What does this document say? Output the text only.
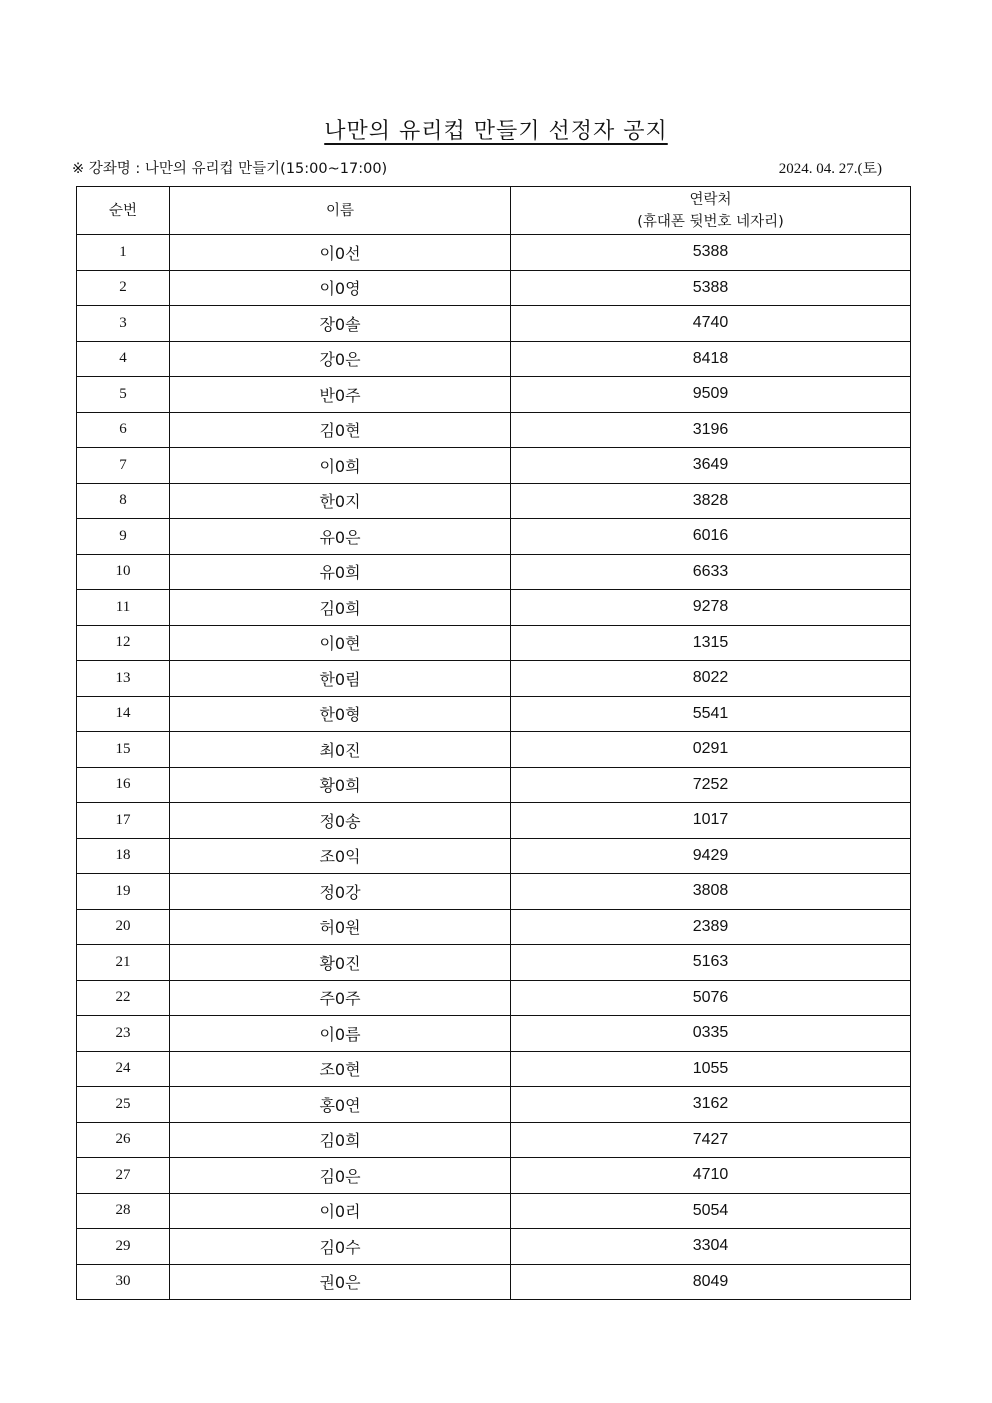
나만의 유리컵 만들기 선정자 공지
※ 강좌명 : 나만의 유리컵 만들기(15:00~17:00)	2024. 04. 27.(토)
순번	이름	연락처
(휴대폰 뒷번호 네자리)

1	이0선	5388
2	이0영	5388
3	장0솔	4740
4	강0은	8418
5	반0주	9509
6	김0현	3196
7	이0희	3649
8	한0지	3828
9	유0은	6016
10	유0희	6633
11	김0희	9278
12	이0현	1315
13	한0림	8022
14	한0형	5541
15	최0진	0291
16	황0희	7252
17	정0송	1017
18	조0익	9429
19	정0강	3808
20	허0원	2389
21	황0진	5163
22	주0주	5076
23	이0름	0335
24	조0현	1055
25	홍0연	3162
26	김0희	7427
27	김0은	4710
28	이0리	5054
29	김0수	3304
30	권0은	8049
